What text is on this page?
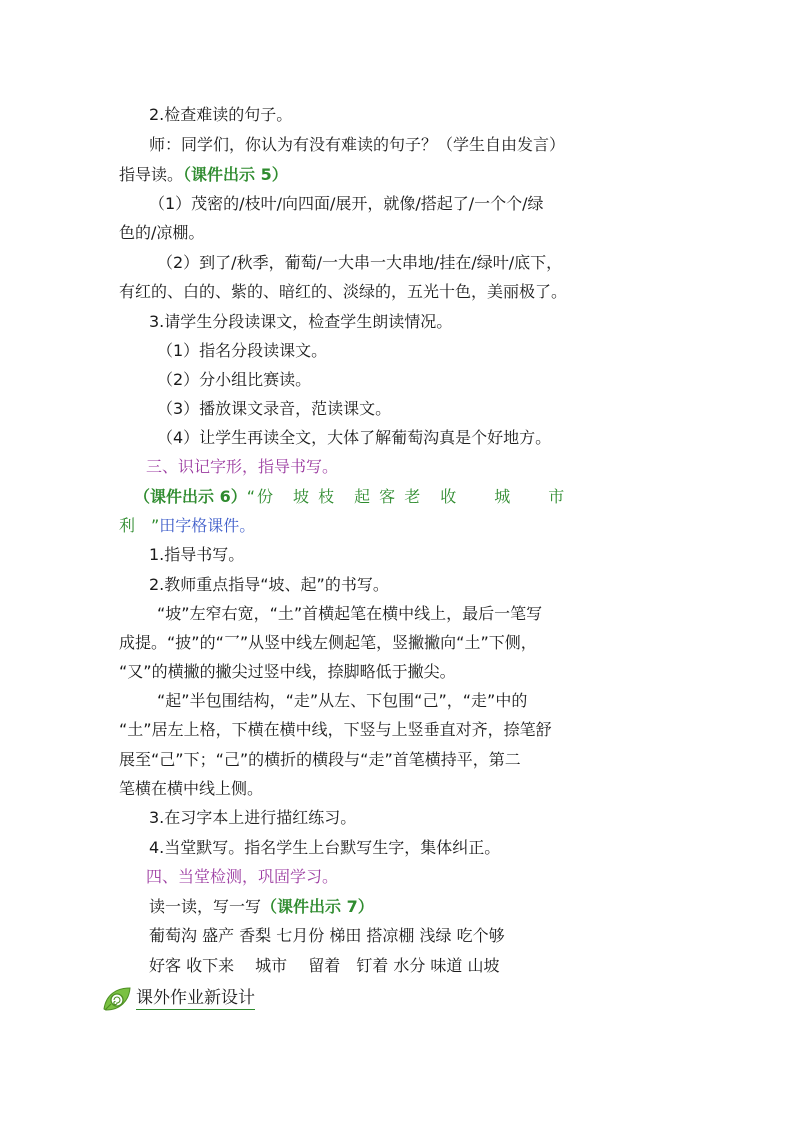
2.检查难读的句子。
师：同学们，你认为有没有难读的句子？（学生自由发言）
指导读。（课件出示 5）
（1）茂密的/枝叶/向四面/展开，就像/搭起了/一个个/绿
色的/凉棚。
（2）到了/秋季，葡萄/一大串一大串地/挂在/绿叶/底下，
有红的、白的、紫的、暗红的、淡绿的，五光十色，美丽极了。
3.请学生分段读课文，检查学生朗读情况。
（1）指名分段读课文。
（2）分小组比赛读。
（3）播放课文录音，范读课文。
（4）让学生再读全文，大体了解葡萄沟真是个好地方。
三、识记字形，指导书写。
（课件出示 6）“份　坡 枝　起 客 老　收　　城　　市
利　”田字格课件。
1.指导书写。
2.教师重点指导“坡、起”的书写。
“坡”左窄右宽，“土”首横起笔在横中线上，最后一笔写
成提。“披”的“乛”从竖中线左侧起笔，竖撇撇向“土”下侧，
“又”的横撇的撇尖过竖中线，捺脚略低于撇尖。
“起”半包围结构，“走”从左、下包围“己”，“走”中的
“土”居左上格，下横在横中线，下竖与上竖垂直对齐，捺笔舒
展至“己”下；“己”的横折的横段与“走”首笔横持平，第二
笔横在横中线上侧。
3.在习字本上进行描红练习。
4.当堂默写。指名学生上台默写生字，集体纠正。
四、当堂检测，巩固学习。
读一读，写一写（课件出示 7）
葡萄沟 盛产 香梨 七月份 梯田 搭凉棚 浅绿 吃个够
好客 收下来　 城市　 留着　钉着 水分 味道 山坡
课外作业新设计
